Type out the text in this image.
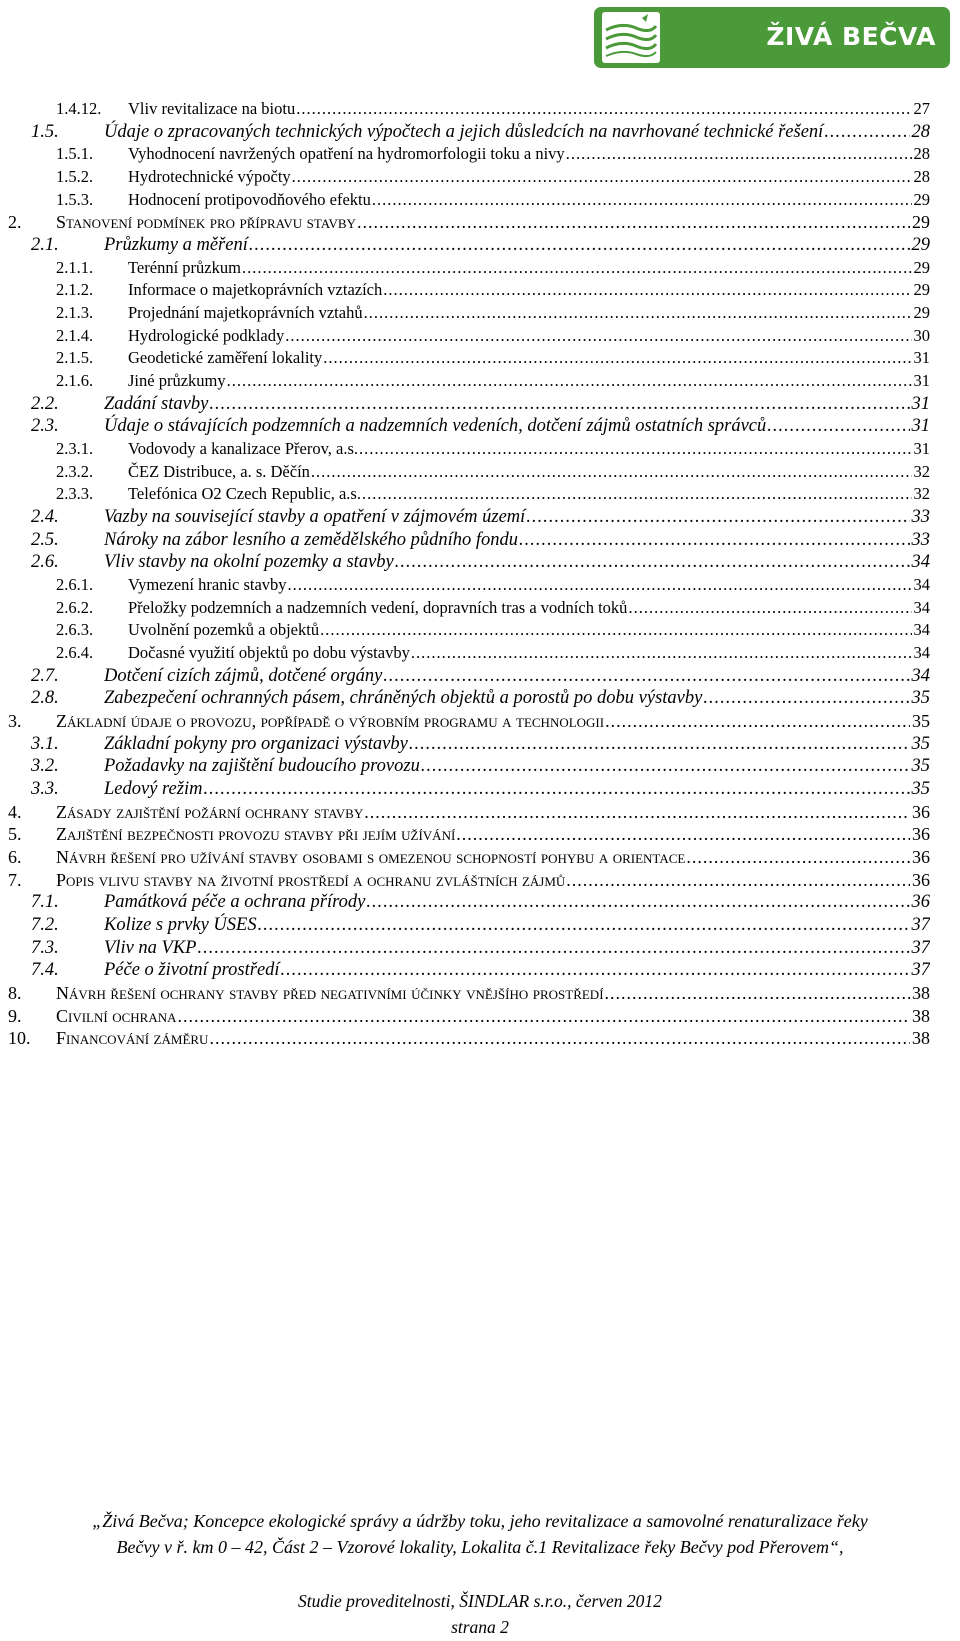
ŽIVÁ BEČVA
1.4.12. Vliv revitalizace na biotu .....	27
1.5. Údaje o zpracovaných technických výpočtech a jejich důsledcích na navrhované technické řešení .....	28
1.5.1. Vyhodnocení navržených opatření na hydromorfologii toku a nivy .....	28
1.5.2. Hydrotechnické výpočty .....	28
1.5.3. Hodnocení protipovodňového efektu .....	29
2. Stanovení podmínek pro přípravu stavby .....	29
2.1. Průzkumy a měření .....	29
2.1.1. Terénní průzkum .....	29
2.1.2. Informace o majetkoprávních vztazích .....	29
2.1.3. Projednání majetkoprávních vztahů .....	29
2.1.4. Hydrologické podklady .....	30
2.1.5. Geodetické zaměření lokality .....	31
2.1.6. Jiné průzkumy .....	31
2.2. Zadání stavby .....	31
2.3. Údaje o stávajících podzemních a nadzemních vedeních, dotčení zájmů ostatních správců .....	31
2.3.1. Vodovody a kanalizace Přerov, a.s. .....	31
2.3.2. ČEZ Distribuce, a. s. Děčín .....	32
2.3.3. Telefónica O2 Czech Republic, a.s. .....	32
2.4. Vazby na související stavby a opatření v zájmovém území .....	33
2.5. Nároky na zábor lesního a zemědělského půdního fondu .....	33
2.6. Vliv stavby na okolní pozemky a stavby .....	34
2.6.1. Vymezení hranic stavby .....	34
2.6.2. Přeložky podzemních a nadzemních vedení, dopravních tras a vodních toků .....	34
2.6.3. Uvolnění pozemků a objektů .....	34
2.6.4. Dočasné využití objektů po dobu výstavby .....	34
2.7. Dotčení cizích zájmů, dotčené orgány .....	34
2.8. Zabezpečení ochranných pásem, chráněných objektů a porostů po dobu výstavby .....	35
3. Základní údaje o provozu, popřípadě o výrobním programu a technologii .....	35
3.1. Základní pokyny pro organizaci výstavby .....	35
3.2. Požadavky na zajištění budoucího provozu .....	35
3.3. Ledový režim .....	35
4. Zásady zajištění požární ochrany stavby .....	36
5. Zajištění bezpečnosti provozu stavby při jejím užívání .....	36
6. Návrh řešení pro užívání stavby osobami s omezenou schopností pohybu a orientace .....	36
7. Popis vlivu stavby na životní prostředí a ochranu zvláštních zájmů .....	36
7.1. Památková péče a ochrana přírody .....	36
7.2. Kolize s prvky ÚSES .....	37
7.3. Vliv na VKP .....	37
7.4. Péče o životní prostředí .....	37
8. Návrh řešení ochrany stavby před negativními účinky vnějšího prostředí .....	38
9. Civilní ochrana .....	38
10. Financování záměru .....	38
„Živá Bečva; Koncepce ekologické správy a údržby toku, jeho revitalizace a samovolné renaturalizace řeky
Bečvy v ř. km 0 – 42, Část 2 – Vzorové lokality, Lokalita č.1 Revitalizace řeky Bečvy pod Přerovem“,
Studie proveditelnosti, ŠINDLAR s.r.o., červen 2012
strana 2
